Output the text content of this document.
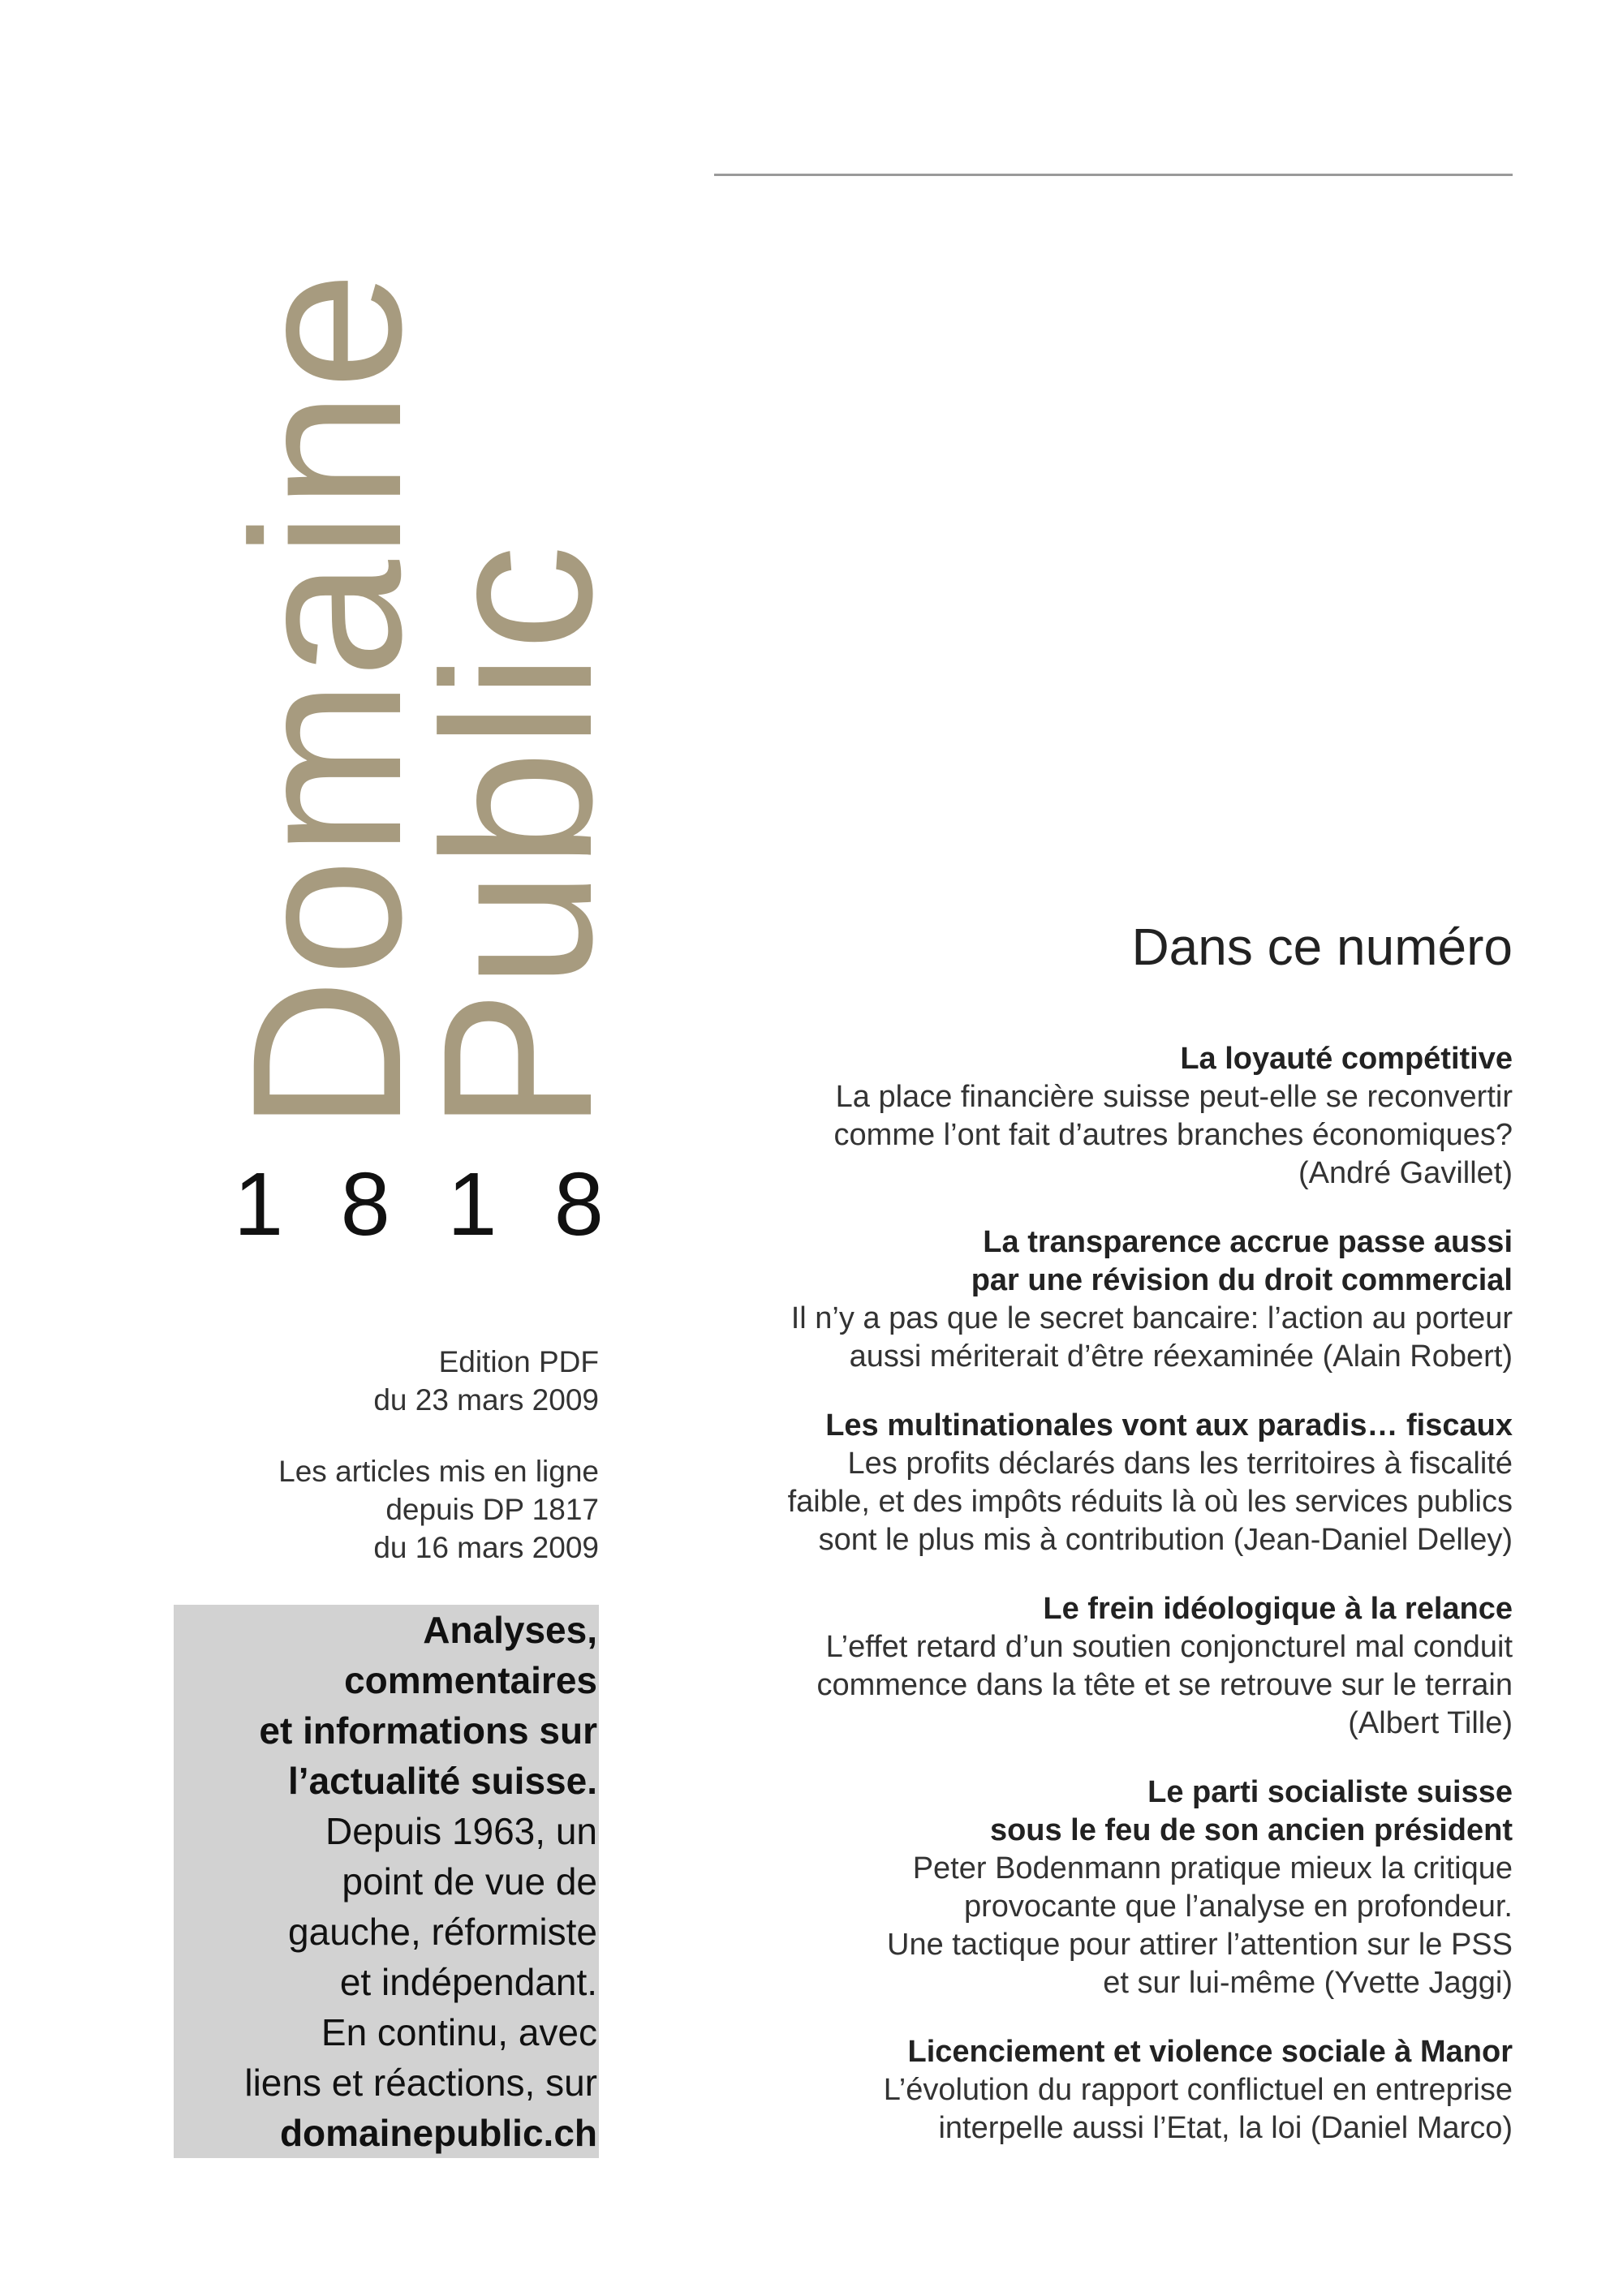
Domaine
Public
1 8 1 8
Edition PDF
du 23 mars 2009
Les articles mis en ligne
depuis DP 1817
du 16 mars 2009
Analyses,
commentaires
et informations sur
l’actualité suisse.
Depuis 1963, un
point de vue de
gauche, réformiste
et indépendant.
En continu, avec
liens et réactions, sur
domainepublic.ch
Dans ce numéro
La loyauté compétitive
La place financière suisse peut-elle se reconvertir
comme l’ont fait d’autres branches économiques?
(André Gavillet)
La transparence accrue passe aussi
par une révision du droit commercial
Il n’y a pas que le secret bancaire: l’action au porteur
aussi mériterait d’être réexaminée (Alain Robert)
Les multinationales vont aux paradis… fiscaux
Les profits déclarés dans les territoires à fiscalité
faible, et des impôts réduits là où les services publics
sont le plus mis à contribution (Jean-Daniel Delley)
Le frein idéologique à la relance
L’effet retard d’un soutien conjoncturel mal conduit
commence dans la tête et se retrouve sur le terrain
(Albert Tille)
Le parti socialiste suisse
sous le feu de son ancien président
Peter Bodenmann pratique mieux la critique
provocante que l’analyse en profondeur.
Une tactique pour attirer l’attention sur le PSS
et sur lui-même (Yvette Jaggi)
Licenciement et violence sociale à Manor
L’évolution du rapport conflictuel en entreprise
interpelle aussi l’Etat, la loi (Daniel Marco)
